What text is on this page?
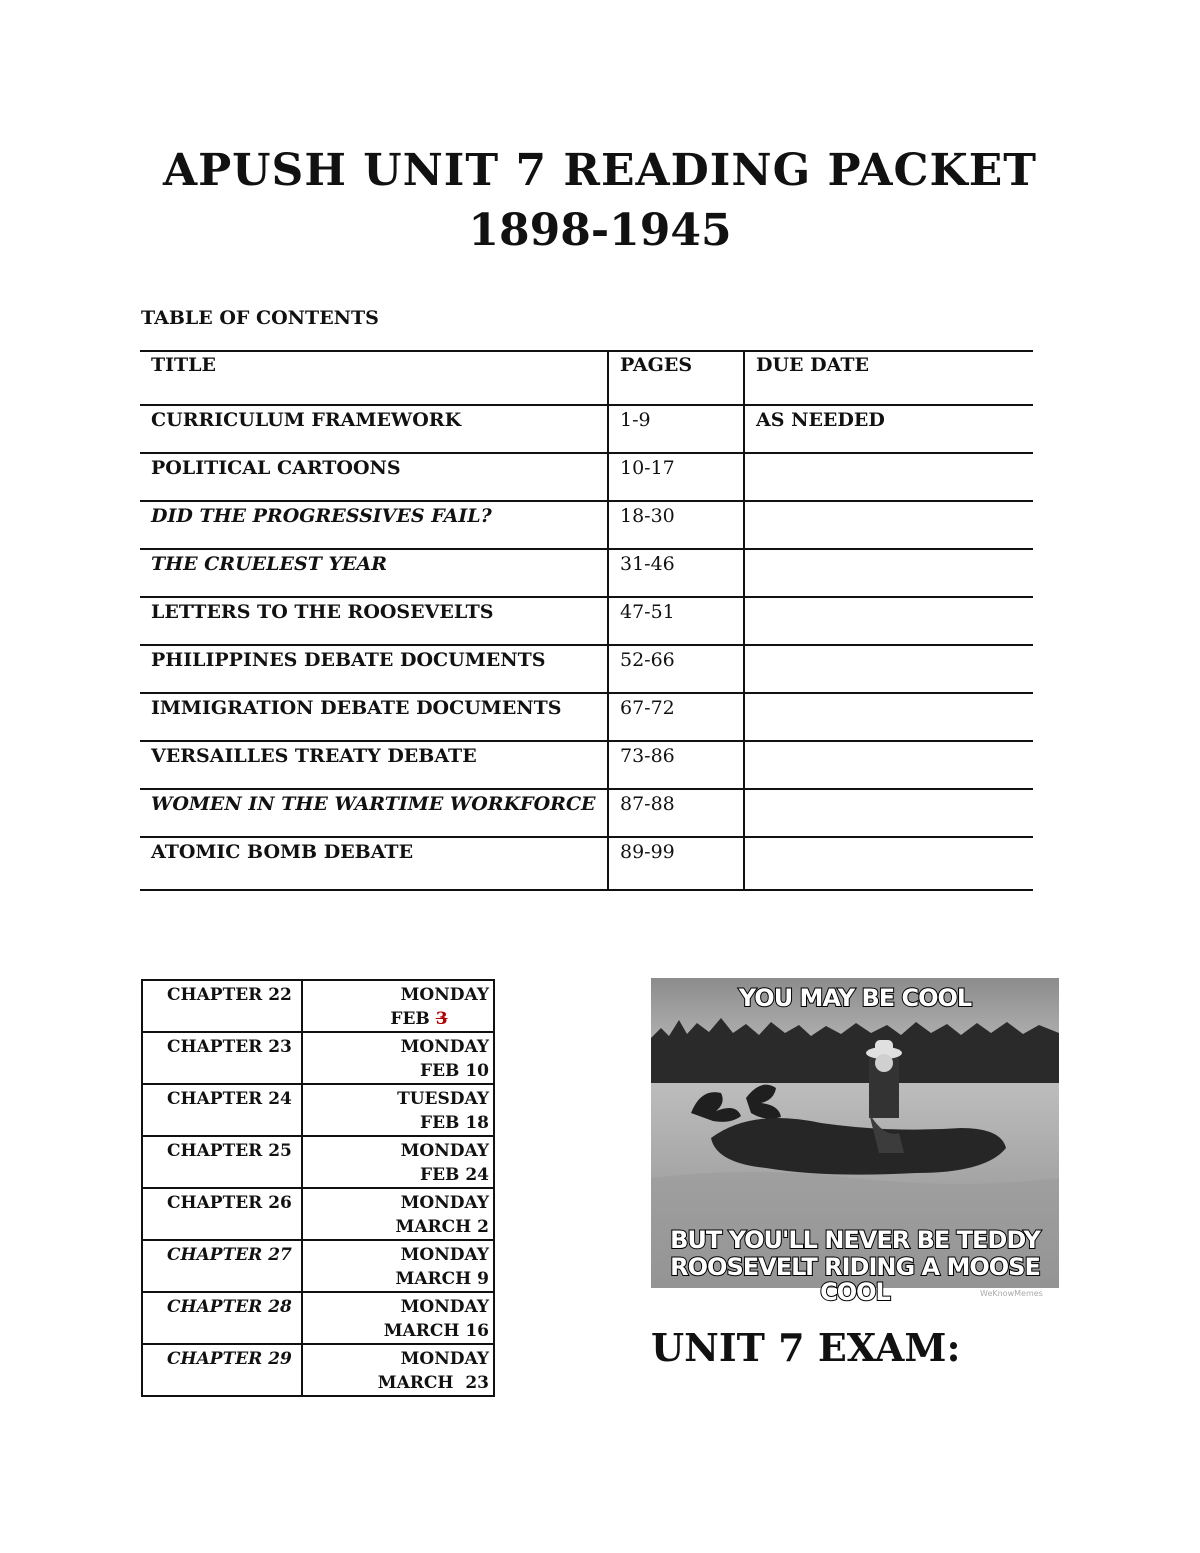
APUSH UNIT 7 READING PACKET
1898-1945
TABLE OF CONTENTS
TITLE	PAGES	DUE DATE
CURRICULUM FRAMEWORK	1-9	AS NEEDED
POLITICAL CARTOONS	10-17	
DID THE PROGRESSIVES FAIL?	18-30	
THE CRUELEST YEAR	31-46	
LETTERS TO THE ROOSEVELTS	47-51	
PHILIPPINES DEBATE DOCUMENTS	52-66	
IMMIGRATION DEBATE DOCUMENTS	67-72	
VERSAILLES TREATY DEBATE	73-86	
WOMEN IN THE WARTIME WORKFORCE	87-88	
ATOMIC BOMB DEBATE	89-99	
CHAPTER 22	MONDAY
FEB 3

CHAPTER 23	MONDAY
FEB 10

CHAPTER 24	TUESDAY
FEB 18

CHAPTER 25	MONDAY
FEB 24

CHAPTER 26	MONDAY
MARCH 2

CHAPTER 27	MONDAY
MARCH 9

CHAPTER 28	MONDAY
MARCH 16

CHAPTER 29	MONDAY
MARCH  23
YOU MAY BE COOL
BUT YOU'LL NEVER BE TEDDY
ROOSEVELT RIDING A MOOSE COOL	WeKnowMemes
UNIT 7 EXAM:
